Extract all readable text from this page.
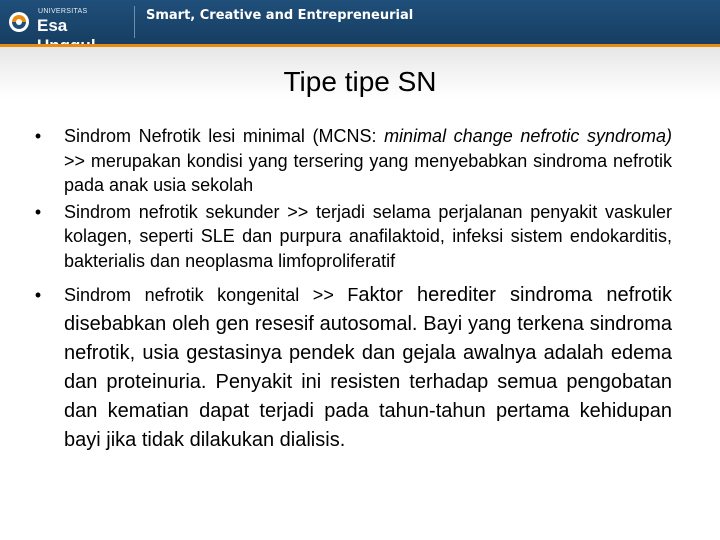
UNIVERSITAS
Esa
Smart, Creative and Entrepreneurial
Tipe tipe SN
•	Sindrom Nefrotik lesi minimal (MCNS: minimal change nefrotic syndroma) >> merupakan kondisi yang tersering yang menyebabkan sindroma nefrotik pada anak usia sekolah
•	Sindrom nefrotik sekunder >> terjadi selama perjalanan penyakit vaskuler kolagen, seperti SLE dan purpura anafilaktoid, infeksi sistem endokarditis, bakterialis dan neoplasma limfoproliferatif
•	Sindrom nefrotik kongenital >> Faktor herediter sindroma nefrotik disebabkan oleh gen resesif autosomal. Bayi yang terkena sindroma nefrotik, usia gestasinya pendek dan gejala awalnya adalah edema dan proteinuria. Penyakit ini resisten terhadap semua pengobatan dan kematian dapat terjadi pada tahun-tahun pertama kehidupan bayi jika tidak dilakukan dialisis.
